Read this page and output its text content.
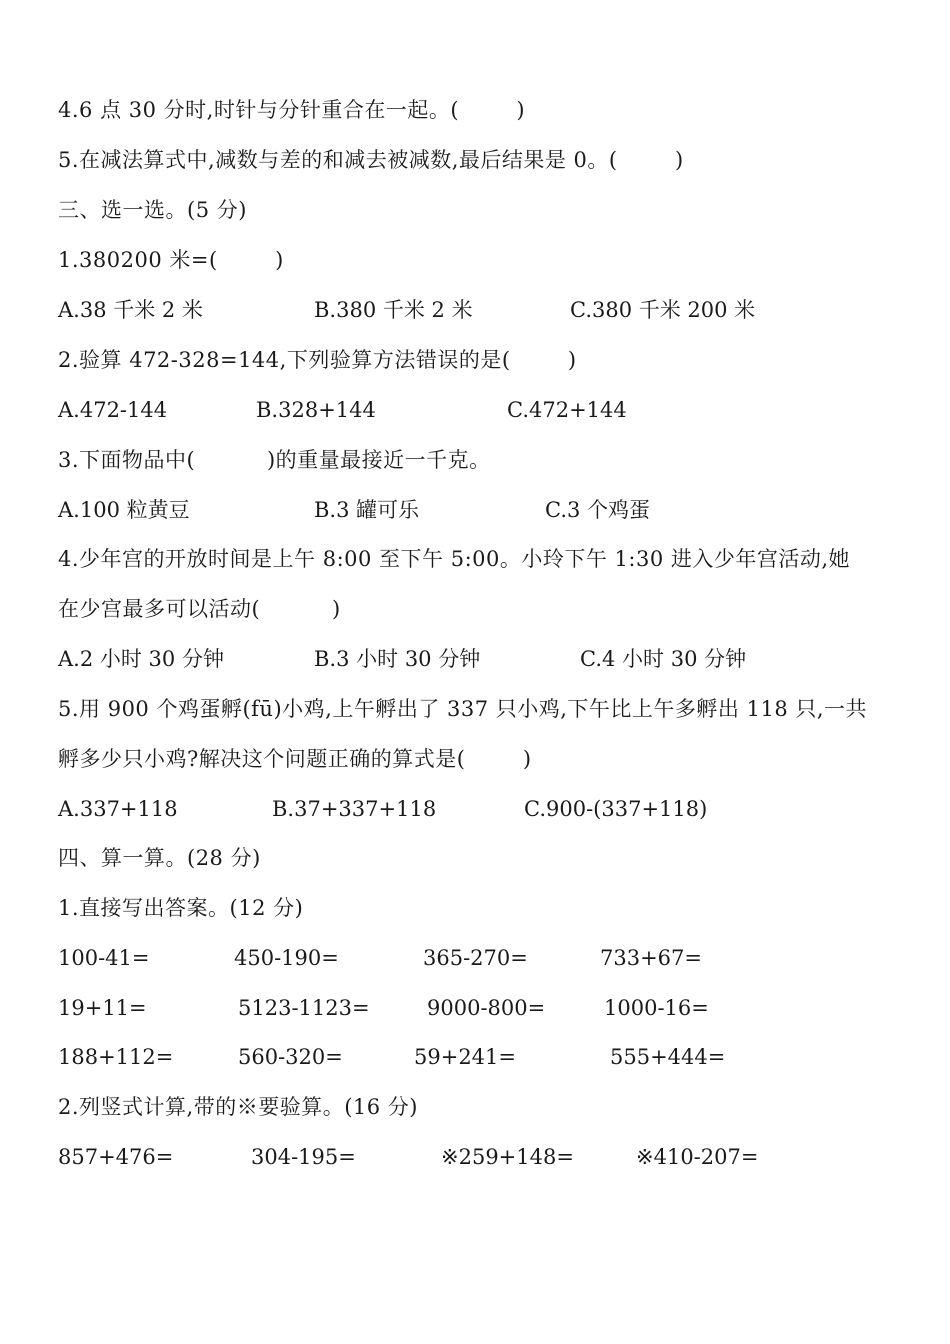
4.6 点 30 分时,时针与分针重合在一起。(        )
5.在减法算式中,减数与差的和减去被减数,最后结果是 0。(        )
三、选一选。(5 分)
1.380200 米=(        )
A.38 千米 2 米	B.380 千米 2 米	C.380 千米 200 米
2.验算 472-328=144,下列验算方法错误的是(        )
A.472-144	B.328+144	C.472+144
3.下面物品中(          )的重量最接近一千克。
A.100 粒黄豆	B.3 罐可乐	C.3 个鸡蛋
4.少年宫的开放时间是上午 8:00 至下午 5:00。小玲下午 1:30 进入少年宫活动,她
在少宫最多可以活动(          )
A.2 小时 30 分钟	B.3 小时 30 分钟	C.4 小时 30 分钟
5.用 900 个鸡蛋孵(fū)小鸡,上午孵出了 337 只小鸡,下午比上午多孵出 118 只,一共
孵多少只小鸡?解决这个问题正确的算式是(        )
A.337+118	B.37+337+118	C.900-(337+118)
四、算一算。(28 分)
1.直接写出答案。(12 分)
100-41=	450-190=	365-270=	733+67=
19+11=	5123-1123=	9000-800=	1000-16=
188+112=	560-320=	59+241=	555+444=
2.列竖式计算,带的※要验算。(16 分)
857+476=	304-195=	※259+148=	※410-207=
